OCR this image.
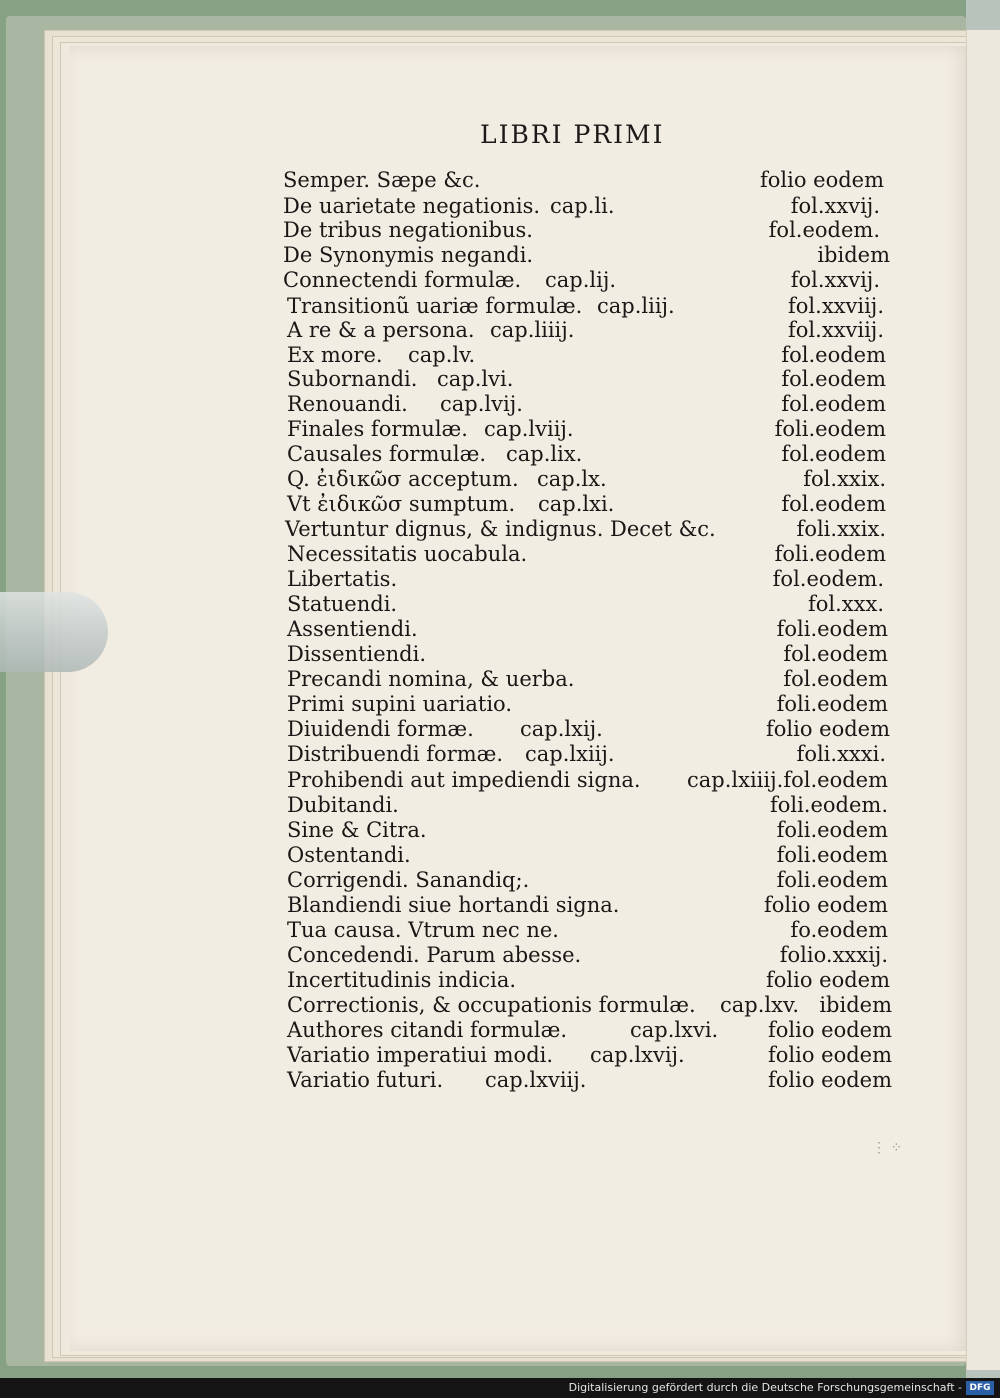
LIBRI PRIMI
Semper. Sæpe &c.	folio eodem
De uarietate negationis. cap.li.	fol.xxvij.
De tribus negationibus.	fol.eodem.
De Synonymis negandi.	ibidem
Connectendi formulæ. cap.lij.	fol.xxvij.
Transitionũ uariæ formulæ. cap.liij.	fol.xxviij.
A re & a persona. cap.liiij.	fol.xxviij.
Ex more. cap.lv.	fol.eodem
Subornandi. cap.lvi.	fol.eodem
Renouandi. cap.lvij.	fol.eodem
Finales formulæ. cap.lviij.	foli.eodem
Causales formulæ. cap.lix.	fol.eodem
Q. ἐιδικῶσ acceptum. cap.lx.	fol.xxix.
Vt ἐιδικῶσ sumptum. cap.lxi.	fol.eodem
Vertuntur dignus, & indignus. Decet &c.	foli.xxix.
Necessitatis uocabula.	foli.eodem
Libertatis.	fol.eodem.
Statuendi.	fol.xxx.
Assentiendi.	foli.eodem
Dissentiendi.	fol.eodem
Precandi nomina, & uerba.	fol.eodem
Primi supini uariatio.	foli.eodem
Diuidendi formæ. cap.lxij.	folio eodem
Distribuendi formæ. cap.lxiij.	foli.xxxi.
Prohibendi aut impediendi signa. cap.lxiiij. fol.eodem
Dubitandi.	foli.eodem.
Sine & Citra.	foli.eodem
Ostentandi.	foli.eodem
Corrigendi. Sanandiq;.	foli.eodem
Blandiendi siue hortandi signa.	folio eodem
Tua causa. Vtrum nec ne.	fo.eodem
Concedendi. Parum abesse.	folio.xxxij.
Incertitudinis indicia.	folio eodem
Correctionis, & occupationis formulæ. cap.lxv. ibidem
Authores citandi formulæ.	cap.lxvi. folio eodem
Variatio imperatiui modi. cap.lxvij.	folio eodem
Variatio futuri. cap.lxviij.	folio eodem
⋮ ⁘
Digitalisierung gefördert durch die Deutsche Forschungsgemeinschaft - DFG
